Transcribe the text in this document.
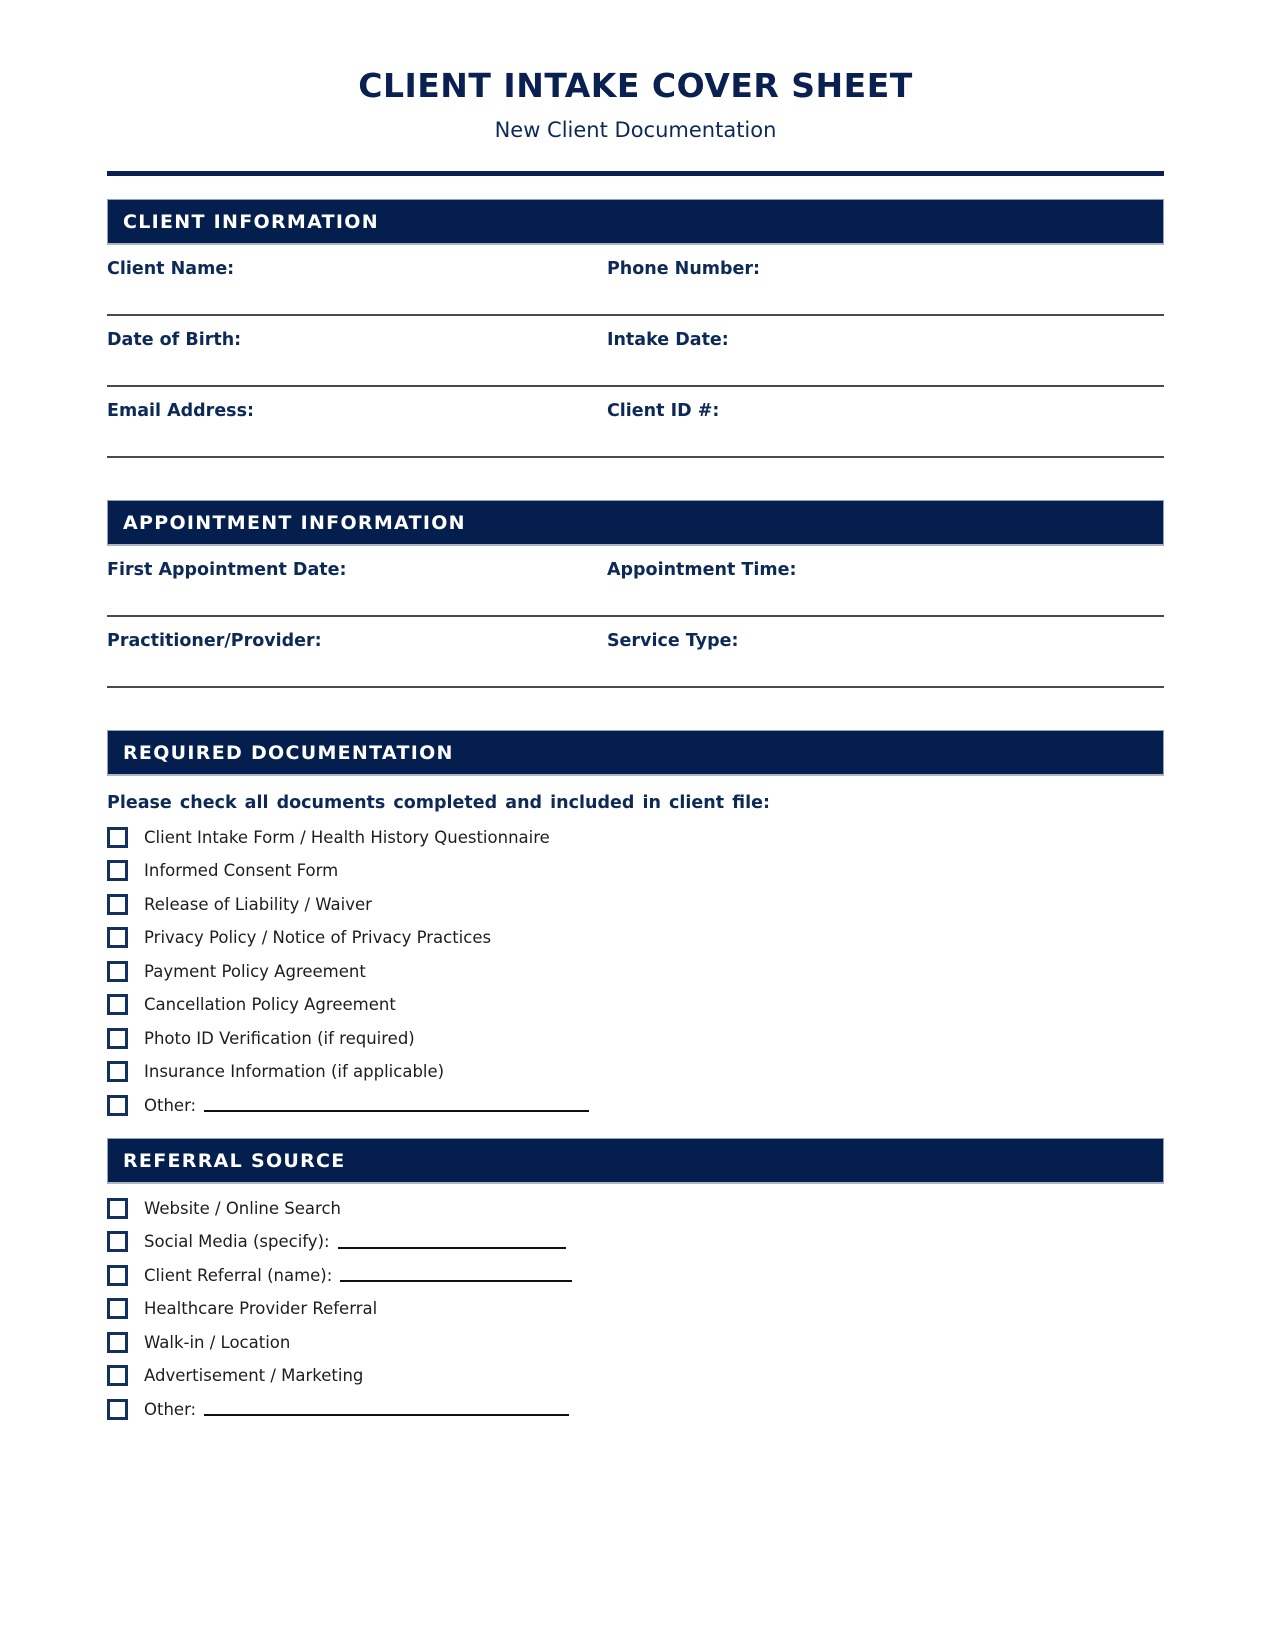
CLIENT INTAKE COVER SHEET
New Client Documentation
CLIENT INFORMATION
Client Name:	Phone Number:
Date of Birth:	Intake Date:
Email Address:	Client ID #:
APPOINTMENT INFORMATION
First Appointment Date:	Appointment Time:
Practitioner/Provider:	Service Type:
REQUIRED DOCUMENTATION
Please check all documents completed and included in client file:
Client Intake Form / Health History Questionnaire
Informed Consent Form
Release of Liability / Waiver
Privacy Policy / Notice of Privacy Practices
Payment Policy Agreement
Cancellation Policy Agreement
Photo ID Verification (if required)
Insurance Information (if applicable)
Other:
REFERRAL SOURCE
Website / Online Search
Social Media (specify):
Client Referral (name):
Healthcare Provider Referral
Walk-in / Location
Advertisement / Marketing
Other:
